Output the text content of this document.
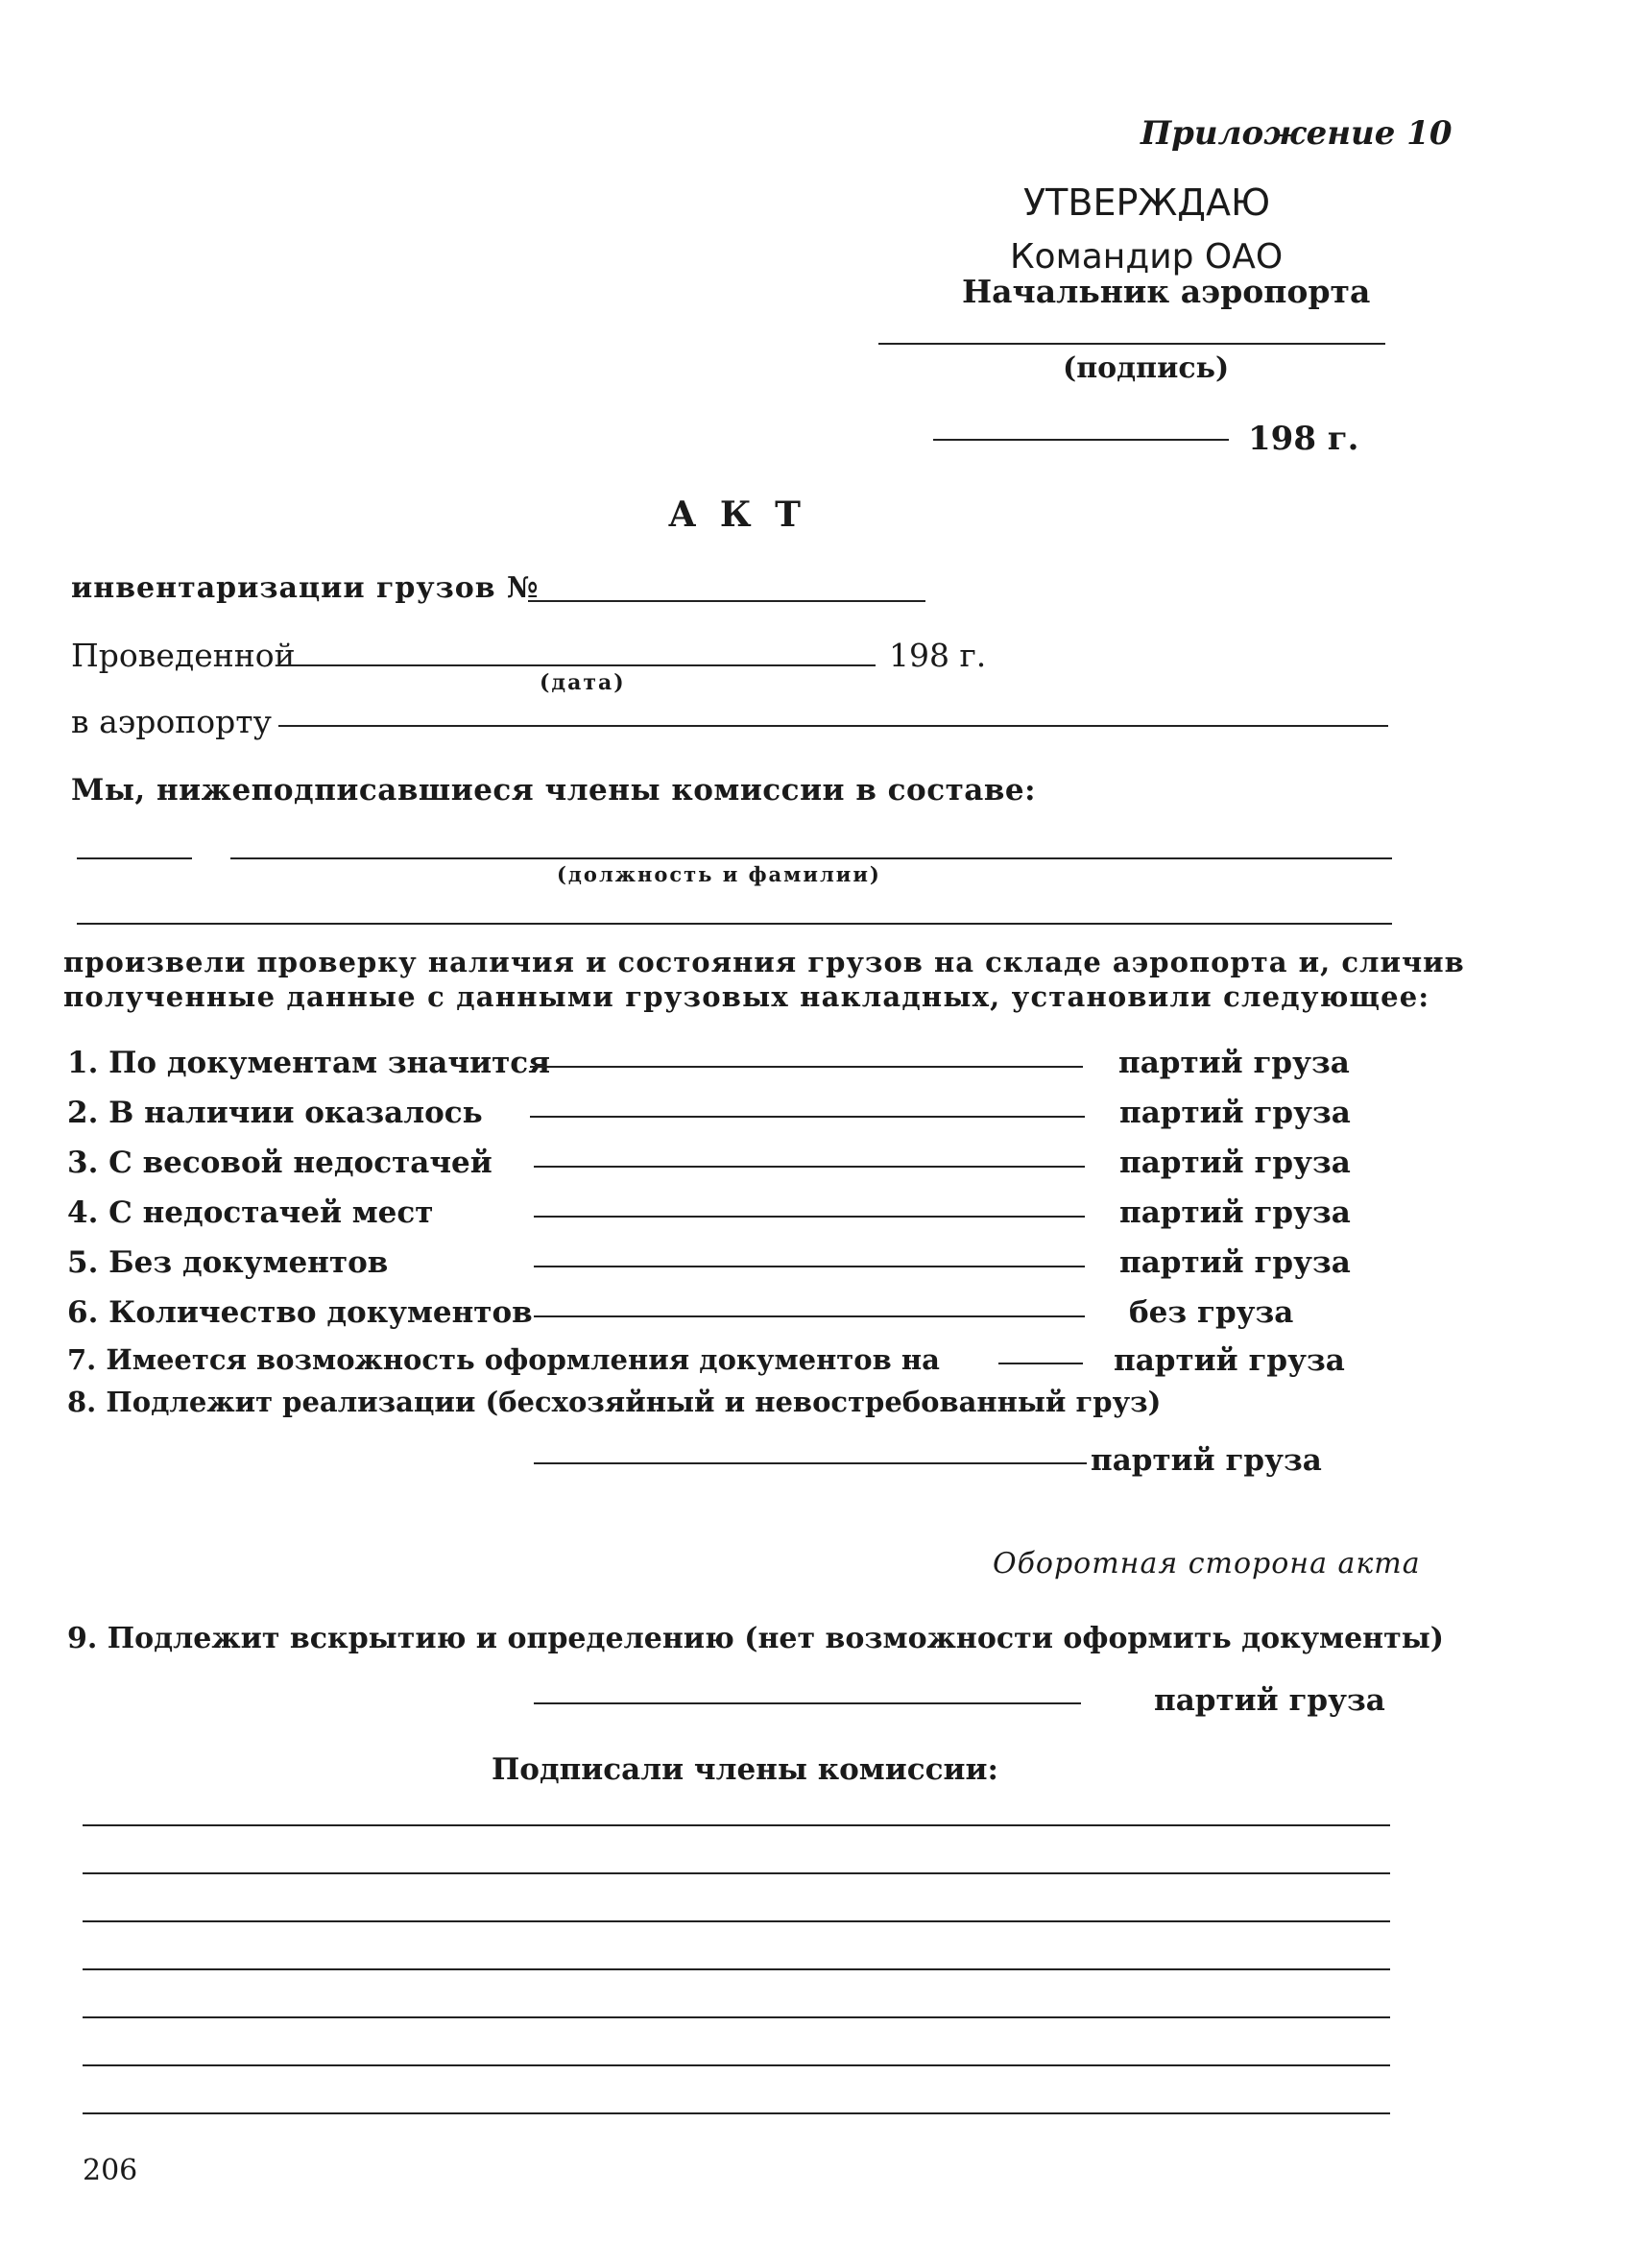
Приложение 10
УТВЕРЖДАЮ
Командир ОАО
Начальник аэропорта
(подпись)
198 г.
А К Т
инвентаризации грузов №
Проведенной	198 г.
(дата)
в аэропорту
Мы, нижеподписавшиеся члены комиссии в составе:
(должность и фамилии)
произвели проверку наличия и состояния грузов на складе аэропорта и, сличив
полученные данные с данными грузовых накладных, установили следующее:
1. По документам значится	партий груза
2. В наличии оказалось	партий груза
3. С весовой недостачей	партий груза
4. С недостачей мест	партий груза
5. Без документов	партий груза
6. Количество документов	без груза
7. Имеется возможность оформления документов на	партий груза
8. Подлежит реализации (бесхозяйный и невостребованный груз)
партий груза
Оборотная сторона акта
9. Подлежит вскрытию и определению (нет возможности оформить документы)
партий груза
Подписали члены комиссии:
206
